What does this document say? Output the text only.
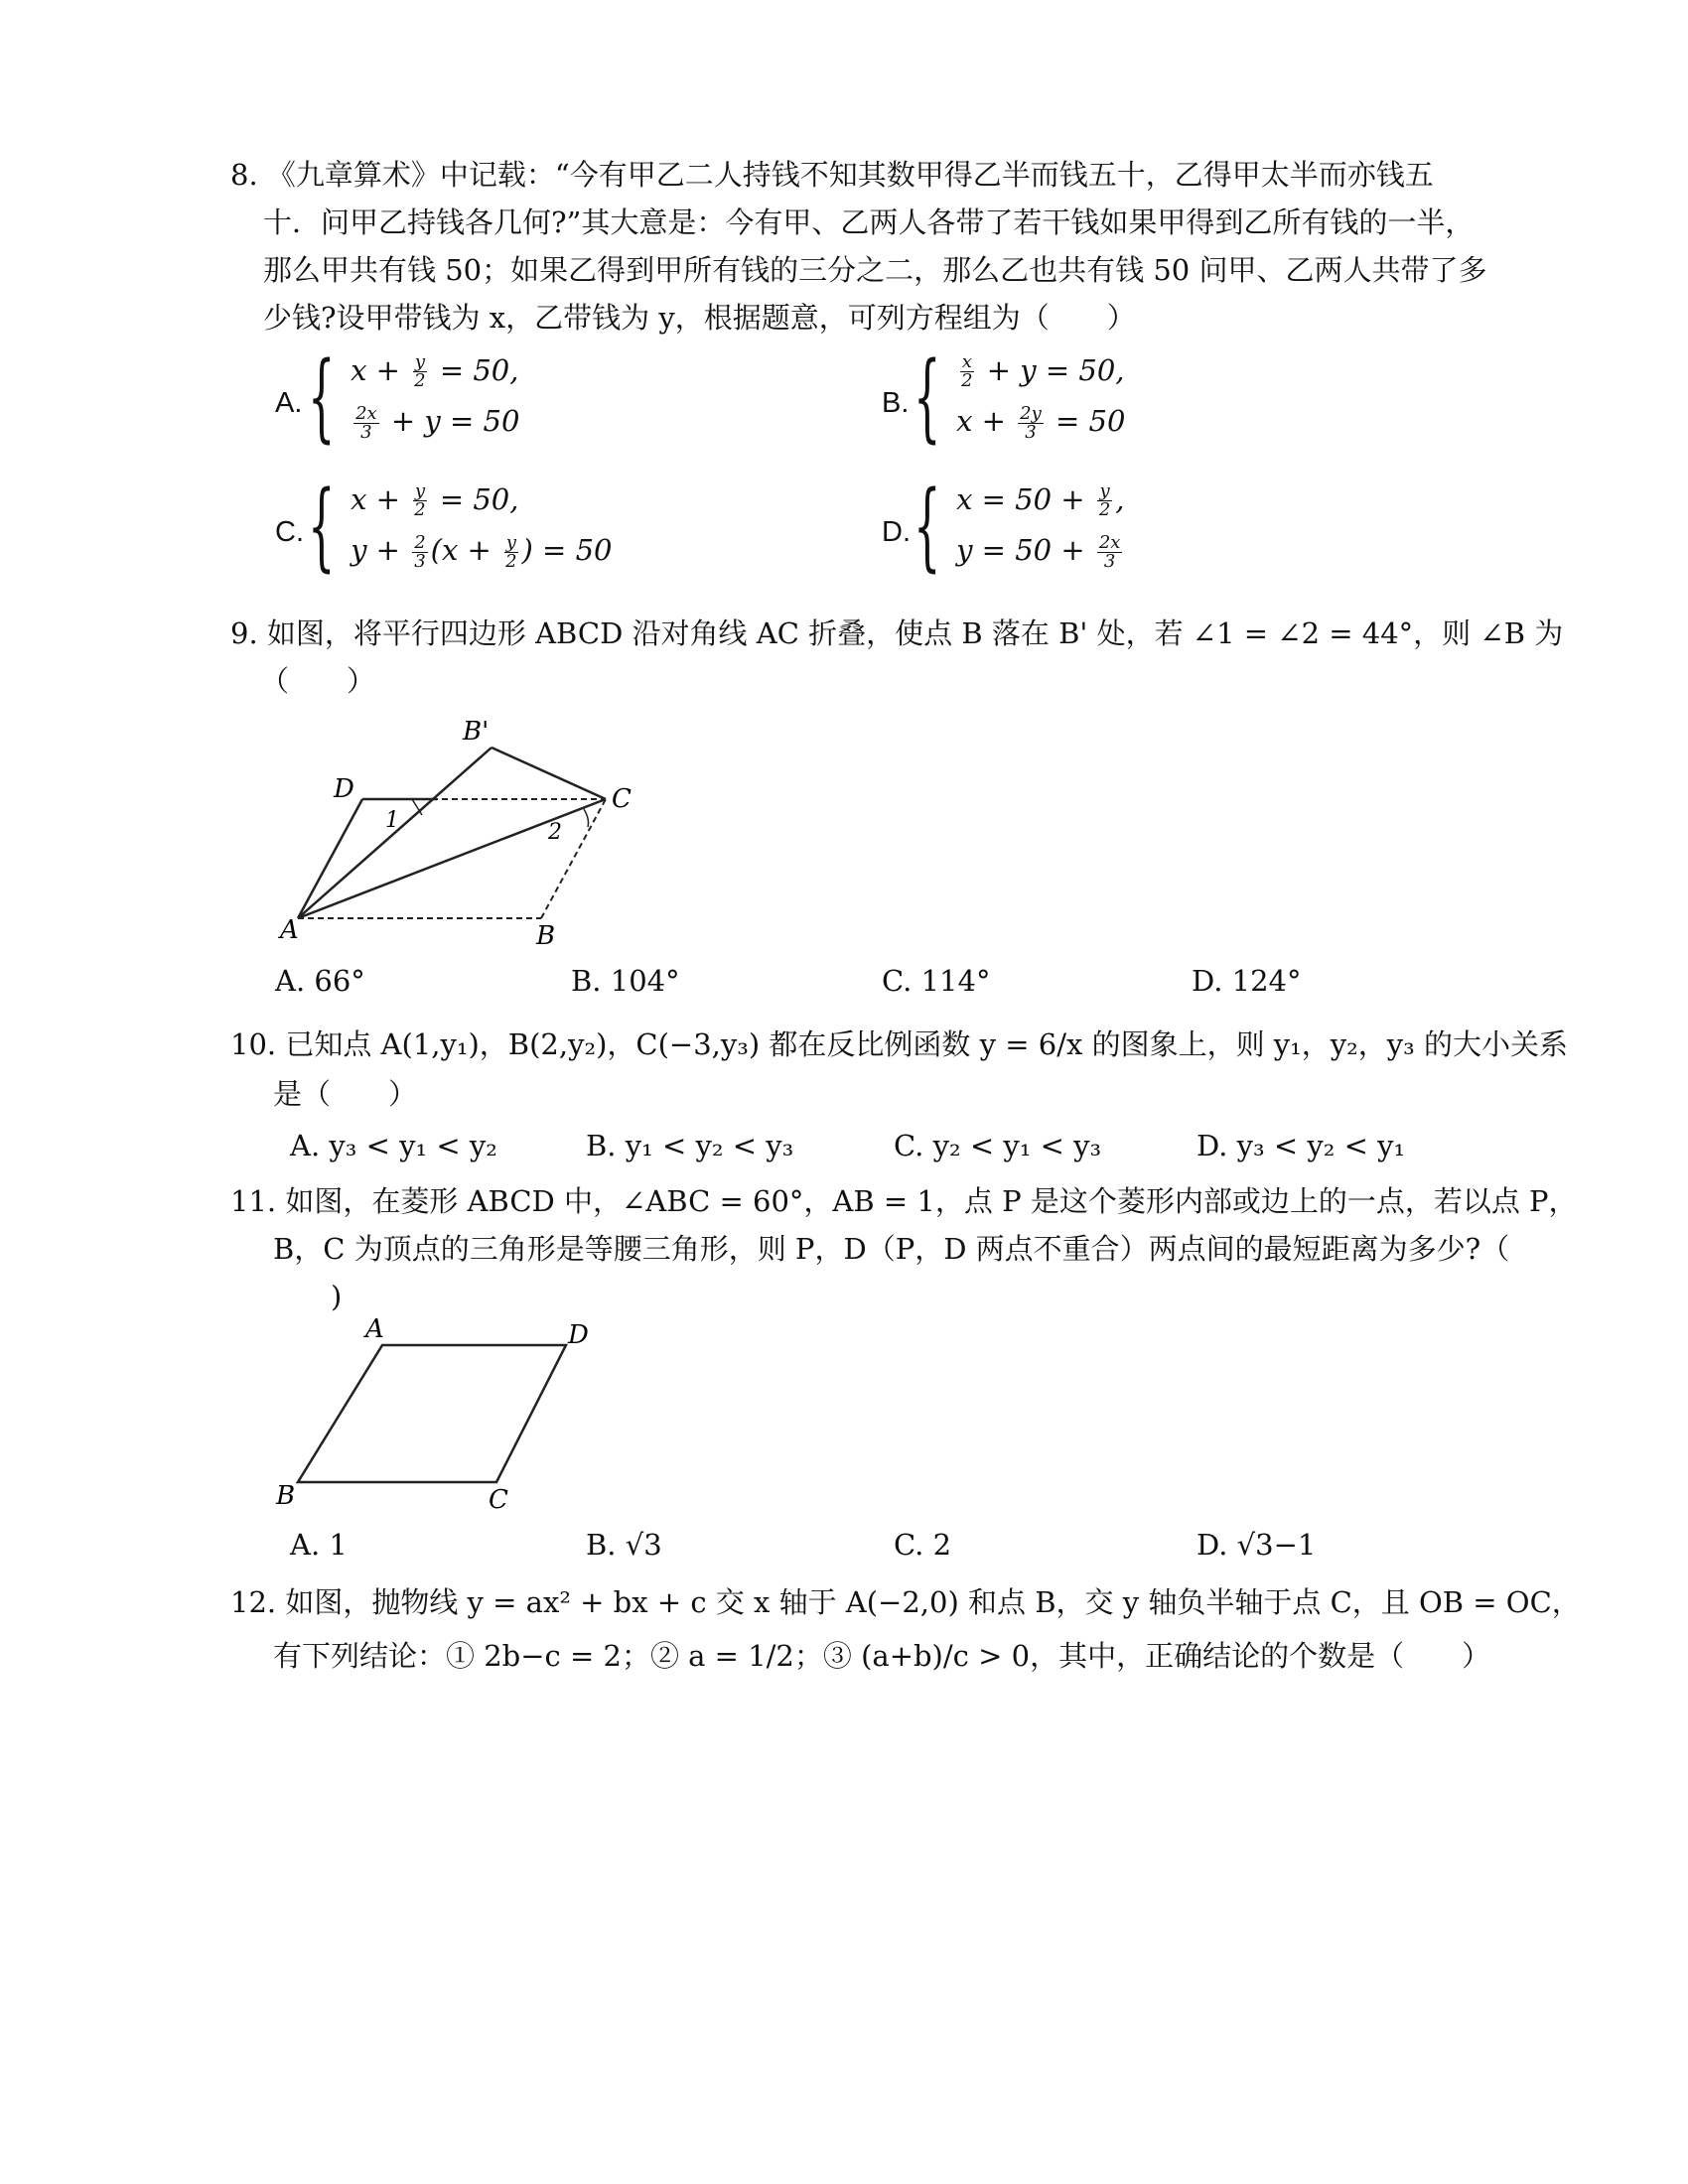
8. 《九章算术》中记载：“今有甲乙二人持钱不知其数甲得乙半而钱五十，乙得甲太半而亦钱五
十．问甲乙持钱各几何?”其大意是：今有甲、乙两人各带了若干钱如果甲得到乙所有钱的一半，
那么甲共有钱 50；如果乙得到甲所有钱的三分之二，那么乙也共有钱 50 问甲、乙两人共带了多
少钱?设甲带钱为 x，乙带钱为 y，根据题意，可列方程组为（　　）
A. { $x + \frac{y}{2} = 50$,
$\frac{2x}{3} + y = 50$
B. { $\frac{x}{2} + y = 50$,
$x + \frac{2y}{3} = 50$
C. { $x + \frac{y}{2} = 50$,
$y + \frac{2}{3} (x + \frac{y}{2}$ ) = 50
D. { $x = 50 + \frac{y}{2}$ ,
$y = 50 + \frac{2x}{3}$
9. 如图，将平行四边形 ABCD 沿对角线 AC 折叠，使点 B 落在 B' 处，若 ∠1 = ∠2 = 44°，则 ∠B 为
（　　）
A	B
C
D
B'
1	2
A. 66°	B. 104°	C. 114°	D. 124°
10. 已知点 A(1,y₁)，B(2,y₂)，C(−3,y₃) 都在反比例函数 y = 6/x 的图象上，则 y₁，y₂，y₃ 的大小关系
是（　　）
A. y₃ < y₁ < y₂	B. y₁ < y₂ < y₃	C. y₂ < y₁ < y₃	D. y₃ < y₂ < y₁
11. 如图，在菱形 ABCD 中，∠ABC = 60°，AB = 1，点 P 是这个菱形内部或边上的一点，若以点 P，
B，C 为顶点的三角形是等腰三角形，则 P，D（P，D 两点不重合）两点间的最短距离为多少?（
)
A	D
B	C
A. 1	B. √3	C. 2	D. √3−1
12. 如图，抛物线 y = ax² + bx + c 交 x 轴于 A(−2,0) 和点 B，交 y 轴负半轴于点 C，且 OB = OC，
有下列结论：① 2b−c = 2；② a = 1/2；③ (a+b)/c > 0，其中，正确结论的个数是（　　）
